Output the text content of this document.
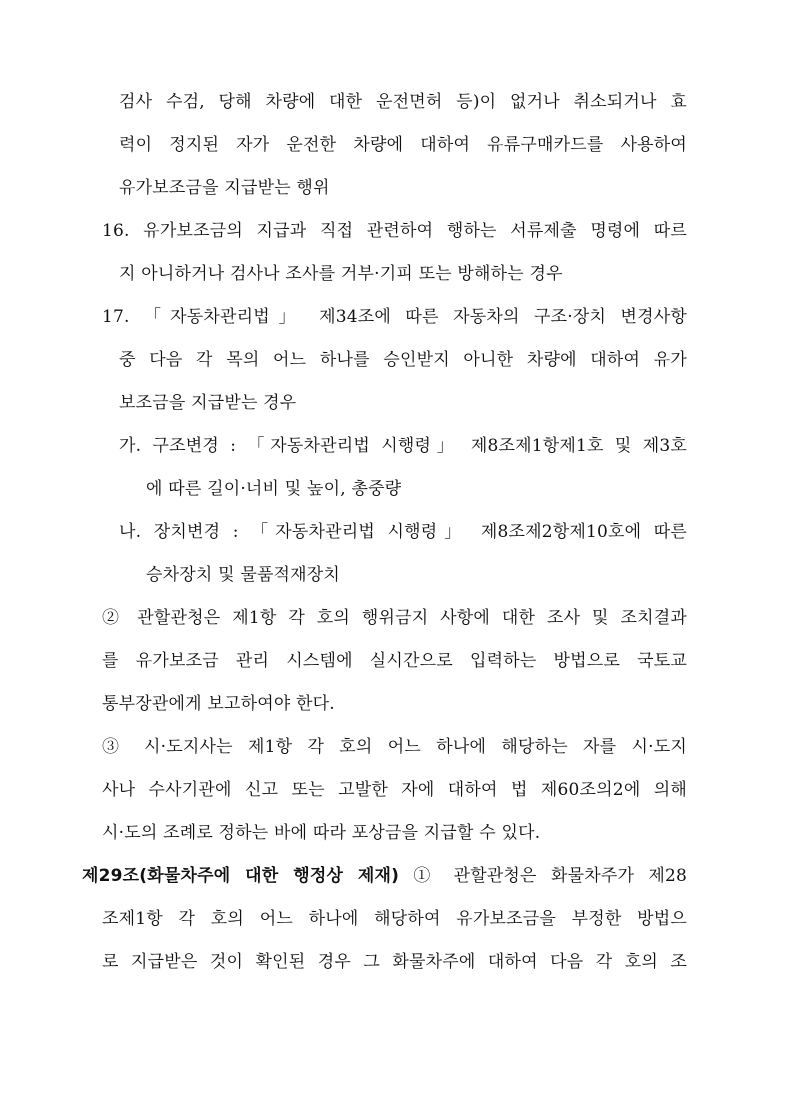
검사 수검, 당해 차량에 대한 운전면허 등)이 없거나 취소되거나 효
력이 정지된 자가 운전한 차량에 대하여 유류구매카드를 사용하여
유가보조금을 지급받는 행위
16. 유가보조금의 지급과 직접 관련하여 행하는 서류제출 명령에 따르
지 아니하거나 검사나 조사를 거부·기피 또는 방해하는 경우
17. 「자동차관리법」 제34조에 따른 자동차의 구조·장치 변경사항
중 다음 각 목의 어느 하나를 승인받지 아니한 차량에 대하여 유가
보조금을 지급받는 경우
가. 구조변경 : 「자동차관리법 시행령」 제8조제1항제1호 및 제3호
에 따른 길이·너비 및 높이, 총중량
나. 장치변경 : 「자동차관리법 시행령」 제8조제2항제10호에 따른
승차장치 및 물품적재장치
② 관할관청은 제1항 각 호의 행위금지 사항에 대한 조사 및 조치결과
를 유가보조금 관리 시스템에 실시간으로 입력하는 방법으로 국토교
통부장관에게 보고하여야 한다.
③ 시·도지사는 제1항 각 호의 어느 하나에 해당하는 자를 시·도지
사나 수사기관에 신고 또는 고발한 자에 대하여 법 제60조의2에 의해
시·도의 조례로 정하는 바에 따라 포상금을 지급할 수 있다.
제29조(화물차주에 대한 행정상 제재) ① 관할관청은 화물차주가 제28
조제1항 각 호의 어느 하나에 해당하여 유가보조금을 부정한 방법으
로 지급받은 것이 확인된 경우 그 화물차주에 대하여 다음 각 호의 조
